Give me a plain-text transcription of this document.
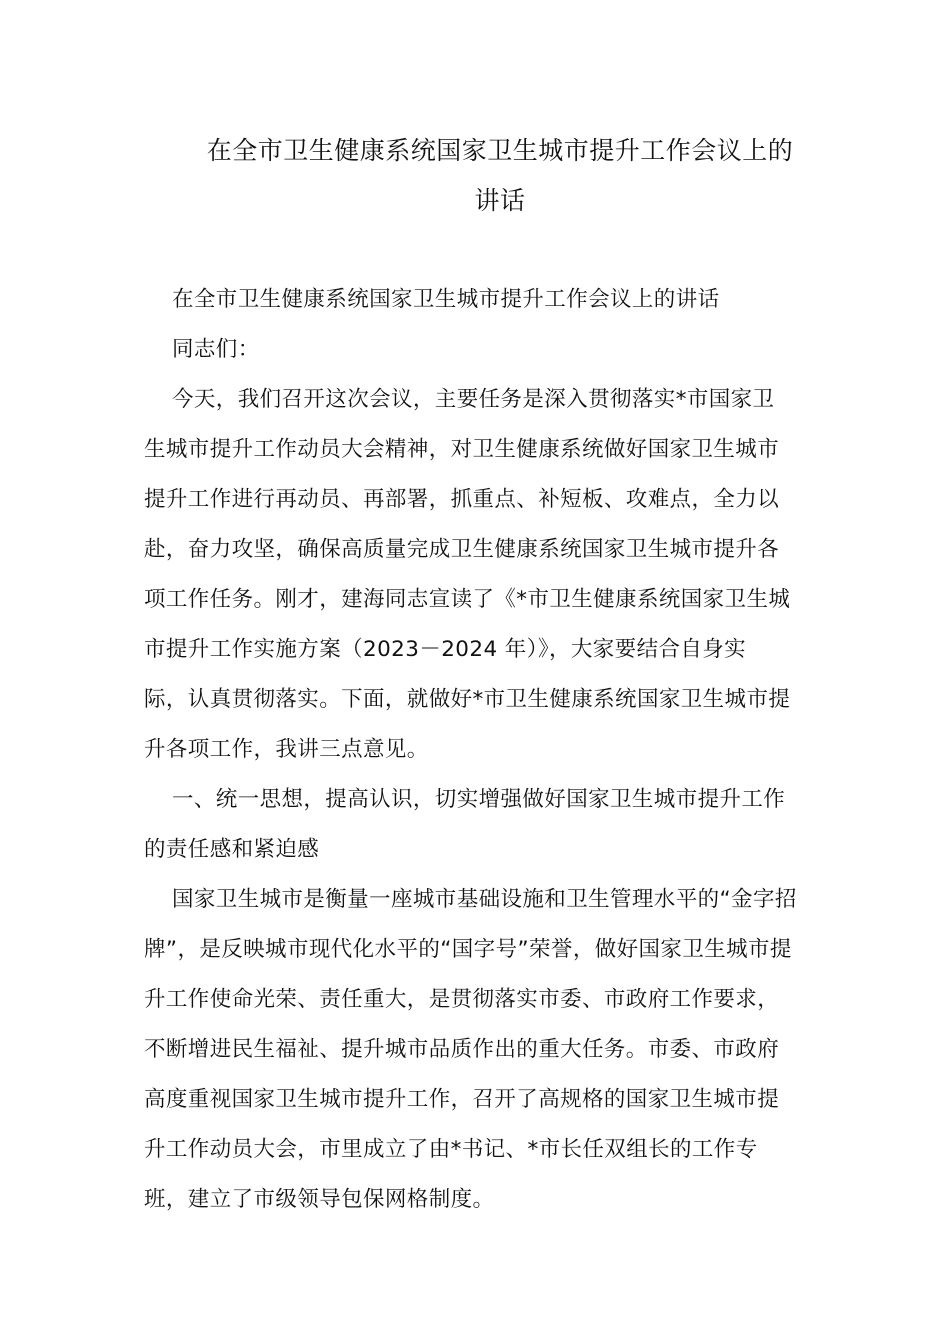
在全市卫生健康系统国家卫生城市提升工作会议上的
讲话
在全市卫生健康系统国家卫生城市提升工作会议上的讲话
同志们：
今天，我们召开这次会议，主要任务是深入贯彻落实*市国家卫
生城市提升工作动员大会精神，对卫生健康系统做好国家卫生城市
提升工作进行再动员、再部署，抓重点、补短板、攻难点，全力以
赴，奋力攻坚，确保高质量完成卫生健康系统国家卫生城市提升各
项工作任务。刚才，建海同志宣读了《*市卫生健康系统国家卫生城
市提升工作实施方案（2023－2024 年）》，大家要结合自身实
际，认真贯彻落实。下面，就做好*市卫生健康系统国家卫生城市提
升各项工作，我讲三点意见。
一、统一思想，提高认识，切实增强做好国家卫生城市提升工作
的责任感和紧迫感
国家卫生城市是衡量一座城市基础设施和卫生管理水平的“金字招
牌”，是反映城市现代化水平的“国字号”荣誉，做好国家卫生城市提
升工作使命光荣、责任重大，是贯彻落实市委、市政府工作要求，
不断增进民生福祉、提升城市品质作出的重大任务。市委、市政府
高度重视国家卫生城市提升工作，召开了高规格的国家卫生城市提
升工作动员大会，市里成立了由*书记、*市长任双组长的工作专
班，建立了市级领导包保网格制度。
